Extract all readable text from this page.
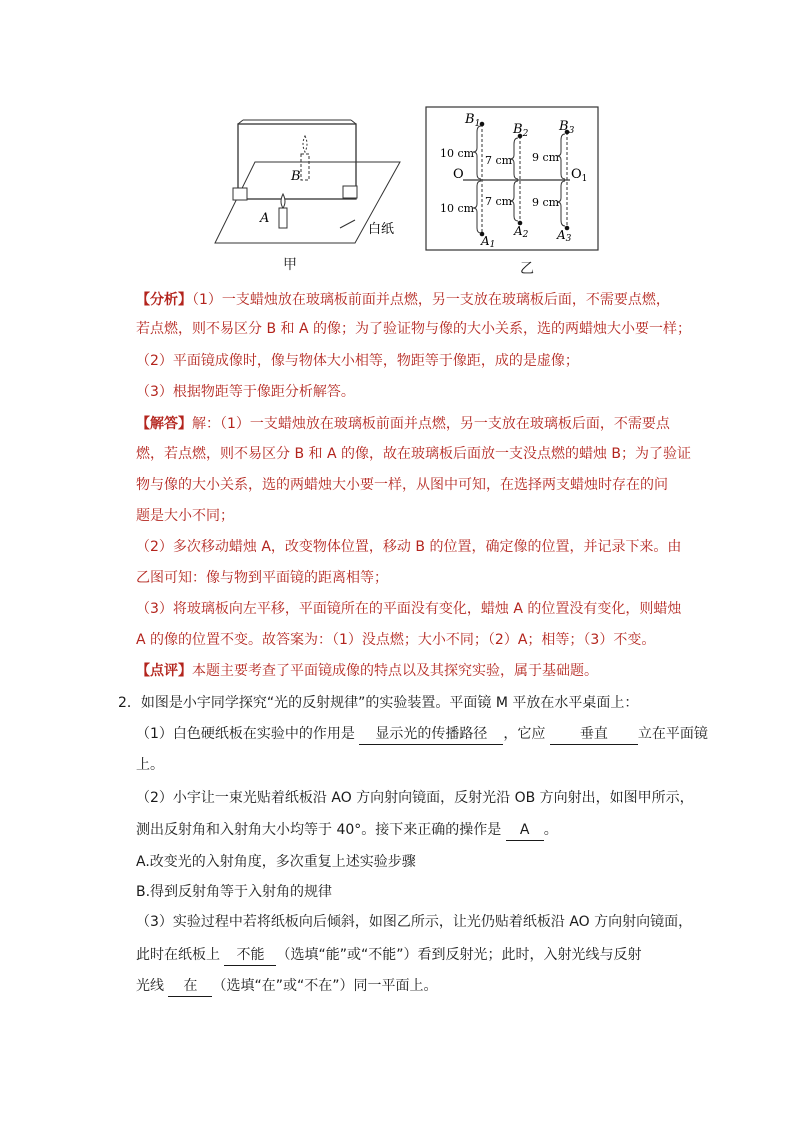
B
A
白纸
甲
$B_1$	$B_2$ $B_3$
A1
A2 A3
O	$O_1$
10 cm
10 cm
7 cm
7 cm
9 cm
9 cm
乙
【分析】（1）一支蜡烛放在玻璃板前面并点燃，另一支放在玻璃板后面，不需要点燃，
若点燃，则不易区分 B 和 A 的像；为了验证物与像的大小关系，选的两蜡烛大小要一样；
（2）平面镜成像时，像与物体大小相等，物距等于像距，成的是虚像；
（3）根据物距等于像距分析解答。
【解答】解：（1）一支蜡烛放在玻璃板前面并点燃，另一支放在玻璃板后面，不需要点
燃，若点燃，则不易区分 B 和 A 的像，故在玻璃板后面放一支没点燃的蜡烛 B；为了验证
物与像的大小关系，选的两蜡烛大小要一样，从图中可知，在选择两支蜡烛时存在的问
题是大小不同；
（2）多次移动蜡烛 A，改变物体位置，移动 B 的位置，确定像的位置，并记录下来。由
乙图可知：像与物到平面镜的距离相等；
（3）将玻璃板向左平移，平面镜所在的平面没有变化，蜡烛 A 的位置没有变化，则蜡烛
A 的像的位置不变。故答案为：（1）没点燃；大小不同；（2）A；相等；（3）不变。
【点评】本题主要考查了平面镜成像的特点以及其探究实验，属于基础题。
2．如图是小宇同学探究“光的反射规律”的实验装置。平面镜 M 平放在水平桌面上：
（1）白色硬纸板在实验中的作用是 显示光的传播路径 ，它应 垂直 立在平面镜
上。
（2）小宇让一束光贴着纸板沿 AO 方向射向镜面，反射光沿 OB 方向射出，如图甲所示，
测出反射角和入射角大小均等于 40°。接下来正确的操作是 A 。
A.改变光的入射角度，多次重复上述实验步骤
B.得到反射角等于入射角的规律
（3）实验过程中若将纸板向后倾斜，如图乙所示，让光仍贴着纸板沿 AO 方向射向镜面，
此时在纸板上 不能 （选填“能”或“不能”）看到反射光；此时，入射光线与反射
光线 在 （选填“在”或“不在”）同一平面上。
